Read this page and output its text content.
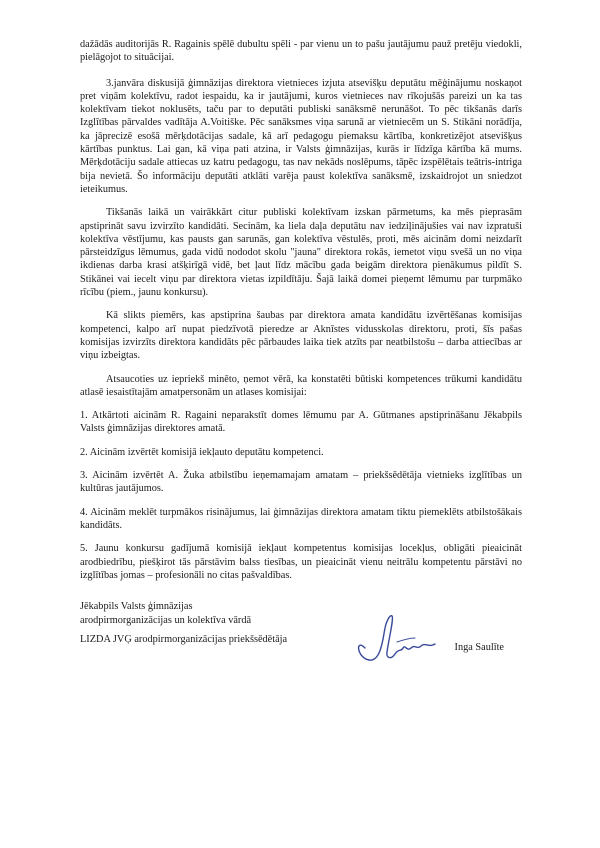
dažādās auditorijās R. Ragainis spēlē dubultu spēli - par vienu un to pašu jautājumu pauž pretēju viedokli, pielāgojot to situācijai.

3.janvāra diskusijā ģimnāzijas direktora vietnieces izjuta atsevišķu deputātu mēģinājumu noskaņot pret viņām kolektīvu, radot iespaidu, ka ir jautājumi, kuros vietnieces nav rīkojušās pareizi un ka tas kolektīvam tiekot noklusēts, taču par to deputāti publiski sanāksmē nerunāšot. To pēc tikšanās darīs Izglītības pārvaldes vadītāja A.Voitiške. Pēc sanāksmes viņa sarunā ar vietniecēm un S. Stikāni norādīja, ka jāprecizē esošā mērķdotācijas sadale, kā arī pedagogu piemaksu kārtība, konkretizējot atsevišķus kārtības punktus. Lai gan, kā viņa pati atzina, ir Valsts ģimnāzijas, kurās ir līdzīga kārtība kā mums. Mērķdotāciju sadale attiecas uz katru pedagogu, tas nav nekāds noslēpums, tāpēc izspēlētais teātris-intriga bija nevietā. Šo informāciju deputāti atklāti varēja paust kolektīva sanāksmē, izskaidrojot un sniedzot ieteikumus.

Tikšanās laikā un vairākkārt citur publiski kolektīvam izskan pārmetums, ka mēs pieprasām apstiprināt savu izvirzīto kandidāti. Secinām, ka liela daļa deputātu nav iedziļinājušies vai nav izpratuši kolektīva vēstījumu, kas pausts gan sarunās, gan kolektīva vēstulēs, proti, mēs aicinām domi neizdarīt pārsteidzīgus lēmumus, gada vidū nododot skolu "jauna" direktora rokās, iemetot viņu svešā un no viņa ikdienas darba krasi atšķirīgā vidē, bet ļaut līdz mācību gada beigām direktora pienākumus pildīt S. Stikānei vai iecelt viņu par direktora vietas izpildītāju. Šajā laikā domei pieņemt lēmumu par turpmāko rīcību (piem., jaunu konkursu).

Kā slikts piemērs, kas apstiprina šaubas par direktora amata kandidātu izvērtēšanas komisijas kompetenci, kalpo arī nupat piedzīvotā pieredze ar Aknīstes vidusskolas direktoru, proti, šīs pašas komisijas izvirzīts direktora kandidāts pēc pārbaudes laika tiek atzīts par neatbilstošu – darba attiecības ar viņu izbeigtas.

Atsaucoties uz iepriekš minēto, ņemot vērā, ka konstatēti būtiski kompetences trūkumi kandidātu atlasē iesaistītajām amatpersonām un atlases komisijai:

1. Atkārtoti aicinām R. Ragaini neparakstīt domes lēmumu par A. Gūtmanes apstiprināšanu Jēkabpils Valsts ģimnāzijas direktores amatā.
2. Aicinām izvērtēt komisijā iekļauto deputātu kompetenci.
3. Aicinām izvērtēt A. Žuka atbilstību ieņemamajam amatam – priekšsēdētāja vietnieks izglītības un kultūras jautājumos.
4. Aicinām meklēt turpmākos risinājumus, lai ģimnāzijas direktora amatam tiktu piemeklēts atbilstošākais kandidāts.
5. Jaunu konkursu gadījumā komisijā iekļaut kompetentus komisijas locekļus, obligāti pieaicināt arodbiedrību, piešķirot tās pārstāvim balss tiesības, un pieaicināt vienu neitrālu kompetentu pārstāvi no izglītības jomas – profesionāli no citas pašvaldības.
Jēkabpils Valsts ģimnāzijas
arodpirmorganizācijas un kolektīva vārdā
LIZDA JVĢ arodpirmorganizācijas priekšsēdētāja
Inga Saulīte
